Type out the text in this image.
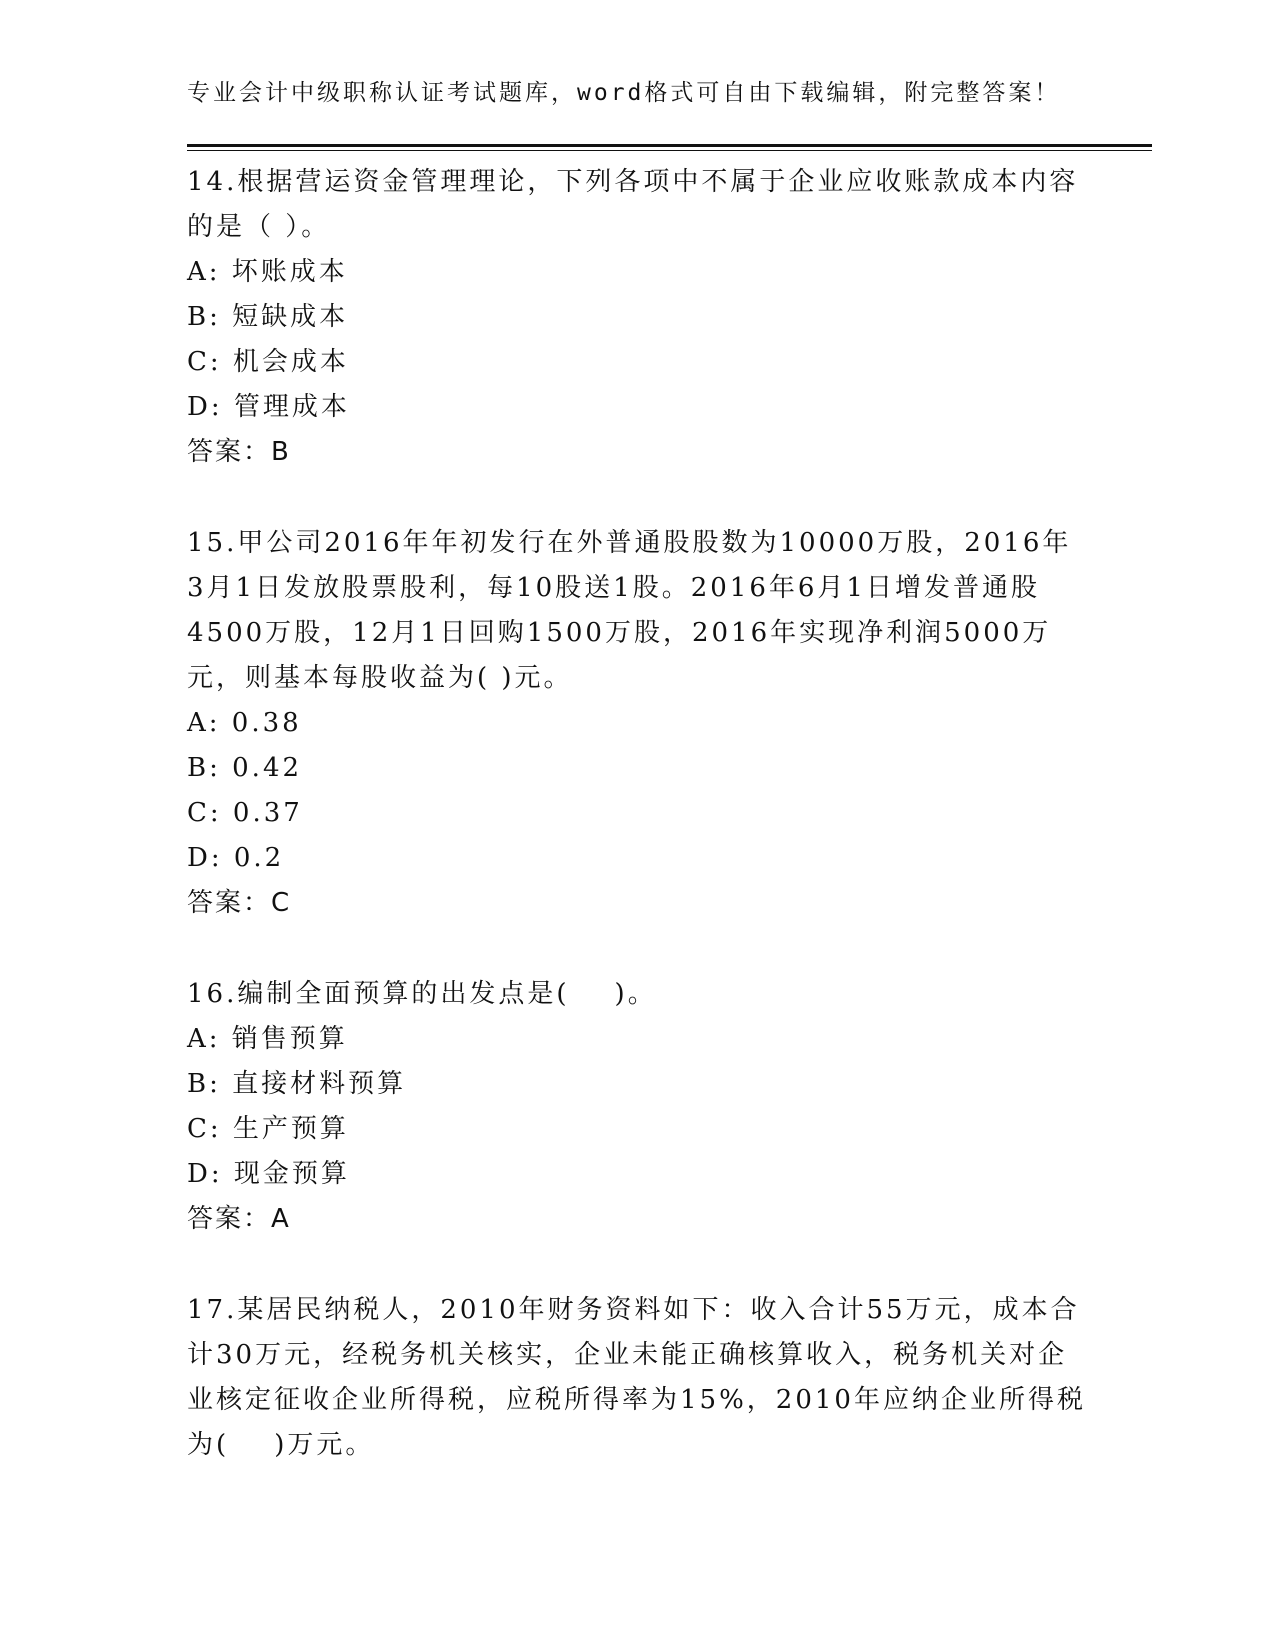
专业会计中级职称认证考试题库，word格式可自由下载编辑，附完整答案！
14.根据营运资金管理理论，下列各项中不属于企业应收账款成本内容的是（ ）。
A: 坏账成本
B: 短缺成本
C: 机会成本
D: 管理成本
答案：B
15.甲公司2016年年初发行在外普通股股数为10000万股，2016年3月1日发放股票股利，每10股送1股。2016年6月1日增发普通股4500万股，12月1日回购1500万股，2016年实现净利润5000万元，则基本每股收益为( )元。
A: 0.38
B: 0.42
C: 0.37
D: 0.2
答案：C
16.编制全面预算的出发点是(    )。
A: 销售预算
B: 直接材料预算
C: 生产预算
D: 现金预算
答案：A
17.某居民纳税人，2010年财务资料如下：收入合计55万元，成本合计30万元，经税务机关核实，企业未能正确核算收入，税务机关对企业核定征收企业所得税，应税所得率为15%，2010年应纳企业所得税为(    )万元。
